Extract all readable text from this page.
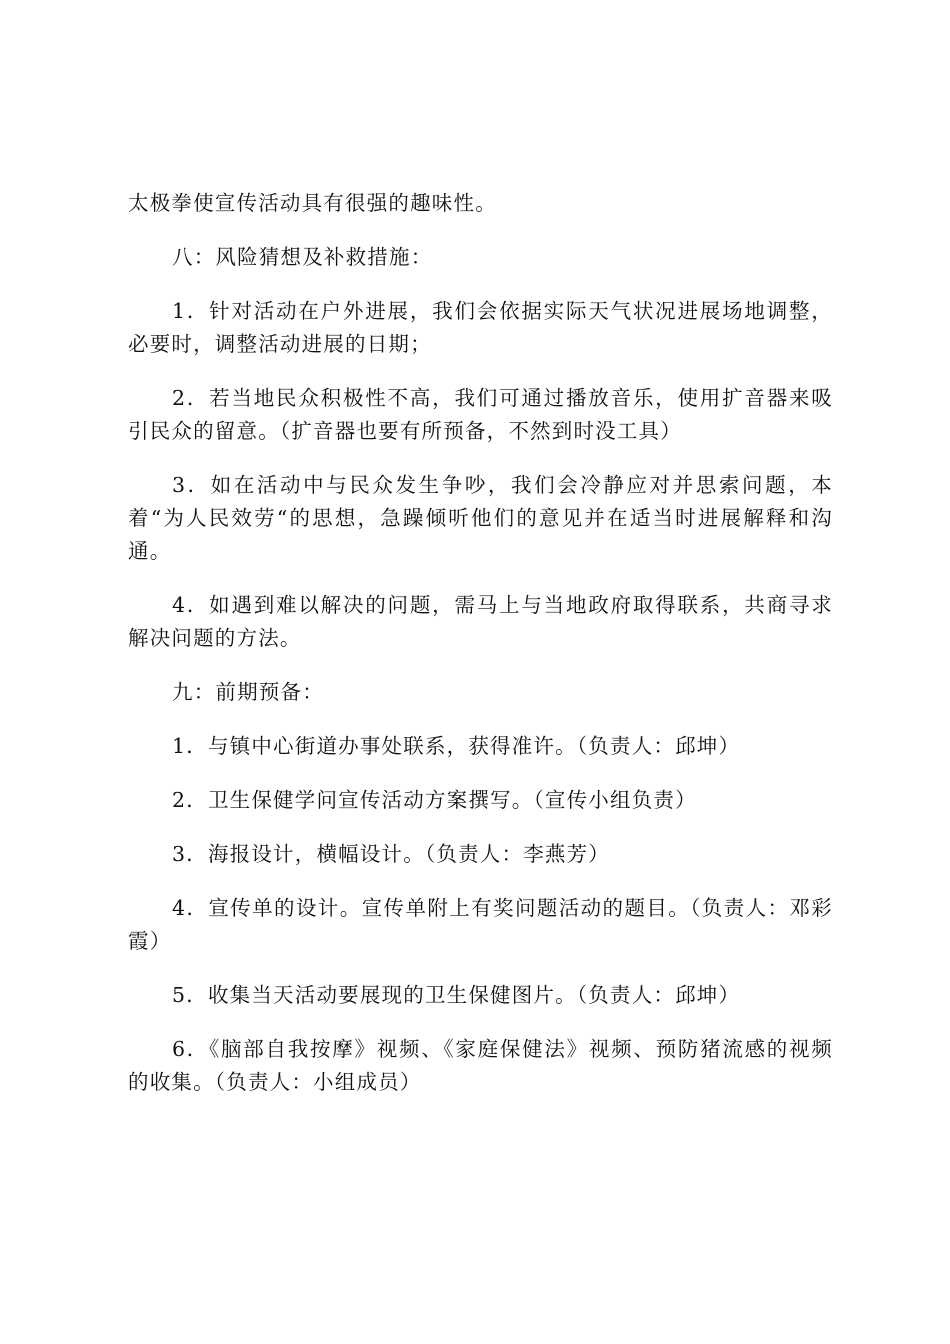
太极拳使宣传活动具有很强的趣味性。

八：风险猜想及补救措施：

1．针对活动在户外进展，我们会依据实际天气状况进展场地调整，必要时，调整活动进展的日期；

2．若当地民众积极性不高，我们可通过播放音乐，使用扩音器来吸引民众的留意。（扩音器也要有所预备，不然到时没工具）

3．如在活动中与民众发生争吵，我们会冷静应对并思索问题，本着“为人民效劳“的思想，急躁倾听他们的意见并在适当时进展解释和沟通。

4．如遇到难以解决的问题，需马上与当地政府取得联系，共商寻求解决问题的方法。

九：前期预备：

1．与镇中心街道办事处联系，获得准许。（负责人：邱坤）

2．卫生保健学问宣传活动方案撰写。（宣传小组负责）

3．海报设计，横幅设计。（负责人：李燕芳）

4．宣传单的设计。宣传单附上有奖问题活动的题目。（负责人：邓彩霞）

5．收集当天活动要展现的卫生保健图片。（负责人：邱坤）

6．《脑部自我按摩》视频、《家庭保健法》视频、预防猪流感的视频的收集。（负责人：小组成员）
